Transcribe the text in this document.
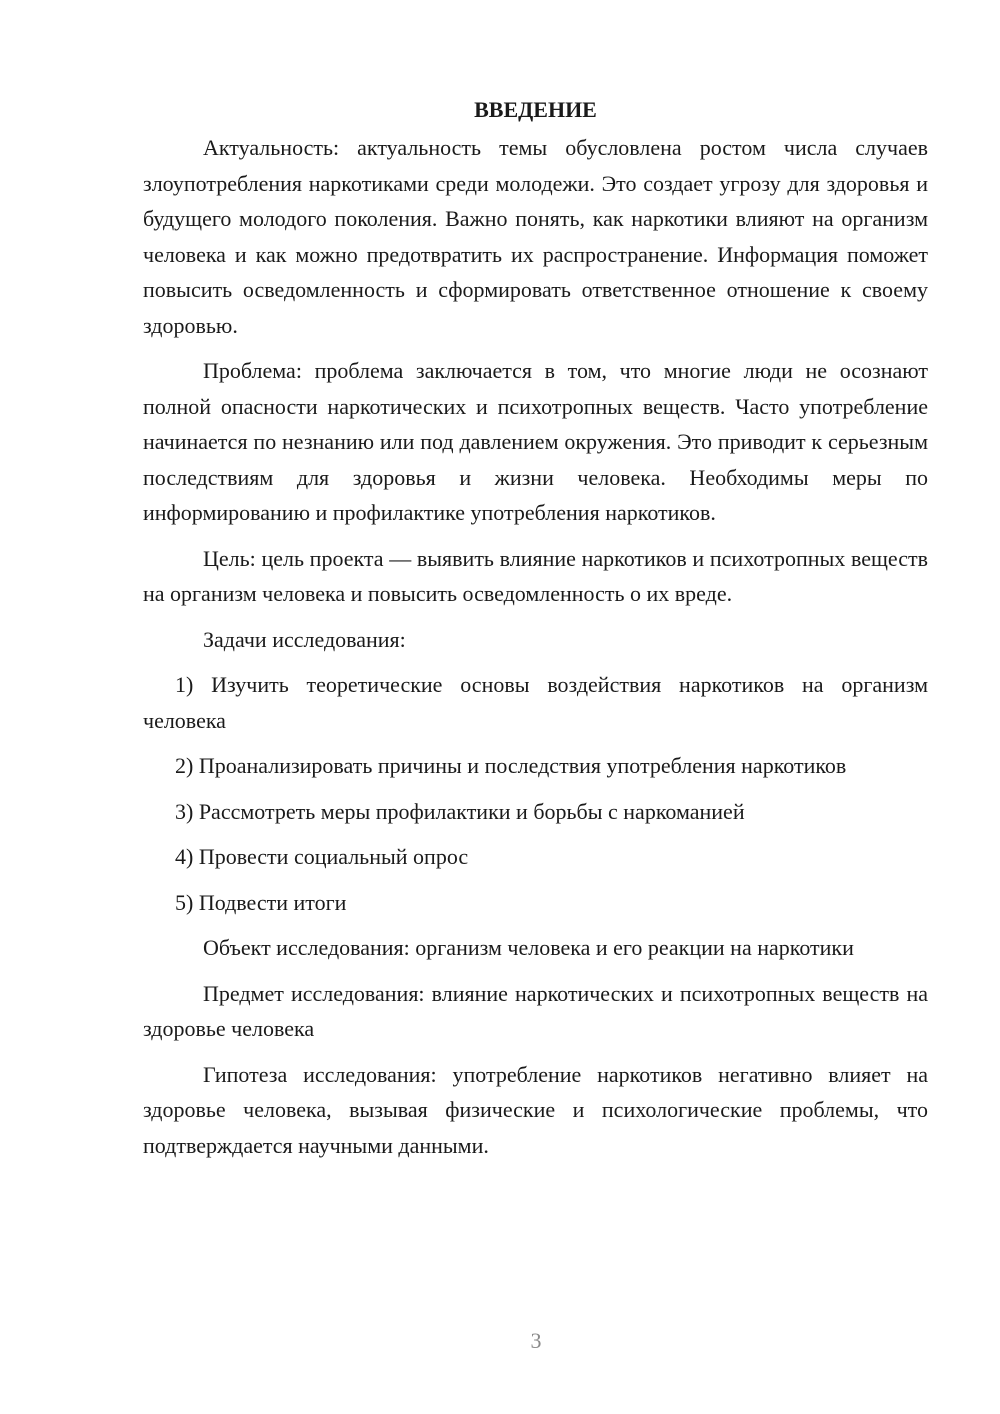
ВВЕДЕНИЕ

Актуальность: актуальность темы обусловлена ростом числа случаев злоупотребления наркотиками среди молодежи. Это создает угрозу для здоровья и будущего молодого поколения. Важно понять, как наркотики влияют на организм человека и как можно предотвратить их распространение. Информация поможет повысить осведомленность и сформировать ответственное отношение к своему здоровью.

Проблема: проблема заключается в том, что многие люди не осознают полной опасности наркотических и психотропных веществ. Часто употребление начинается по незнанию или под давлением окружения. Это приводит к серьезным последствиям для здоровья и жизни человека. Необходимы меры по информированию и профилактике употребления наркотиков.

Цель: цель проекта — выявить влияние наркотиков и психотропных веществ на организм человека и повысить осведомленность о их вреде.

Задачи исследования:

1) Изучить теоретические основы воздействия наркотиков на организм человека

2) Проанализировать причины и последствия употребления наркотиков

3) Рассмотреть меры профилактики и борьбы с наркоманией

4) Провести социальный опрос

5) Подвести итоги

Объект исследования: организм человека и его реакции на наркотики

Предмет исследования: влияние наркотических и психотропных веществ на здоровье человека

Гипотеза исследования: употребление наркотиков негативно влияет на здоровье человека, вызывая физические и психологические проблемы, что подтверждается научными данными.

3
